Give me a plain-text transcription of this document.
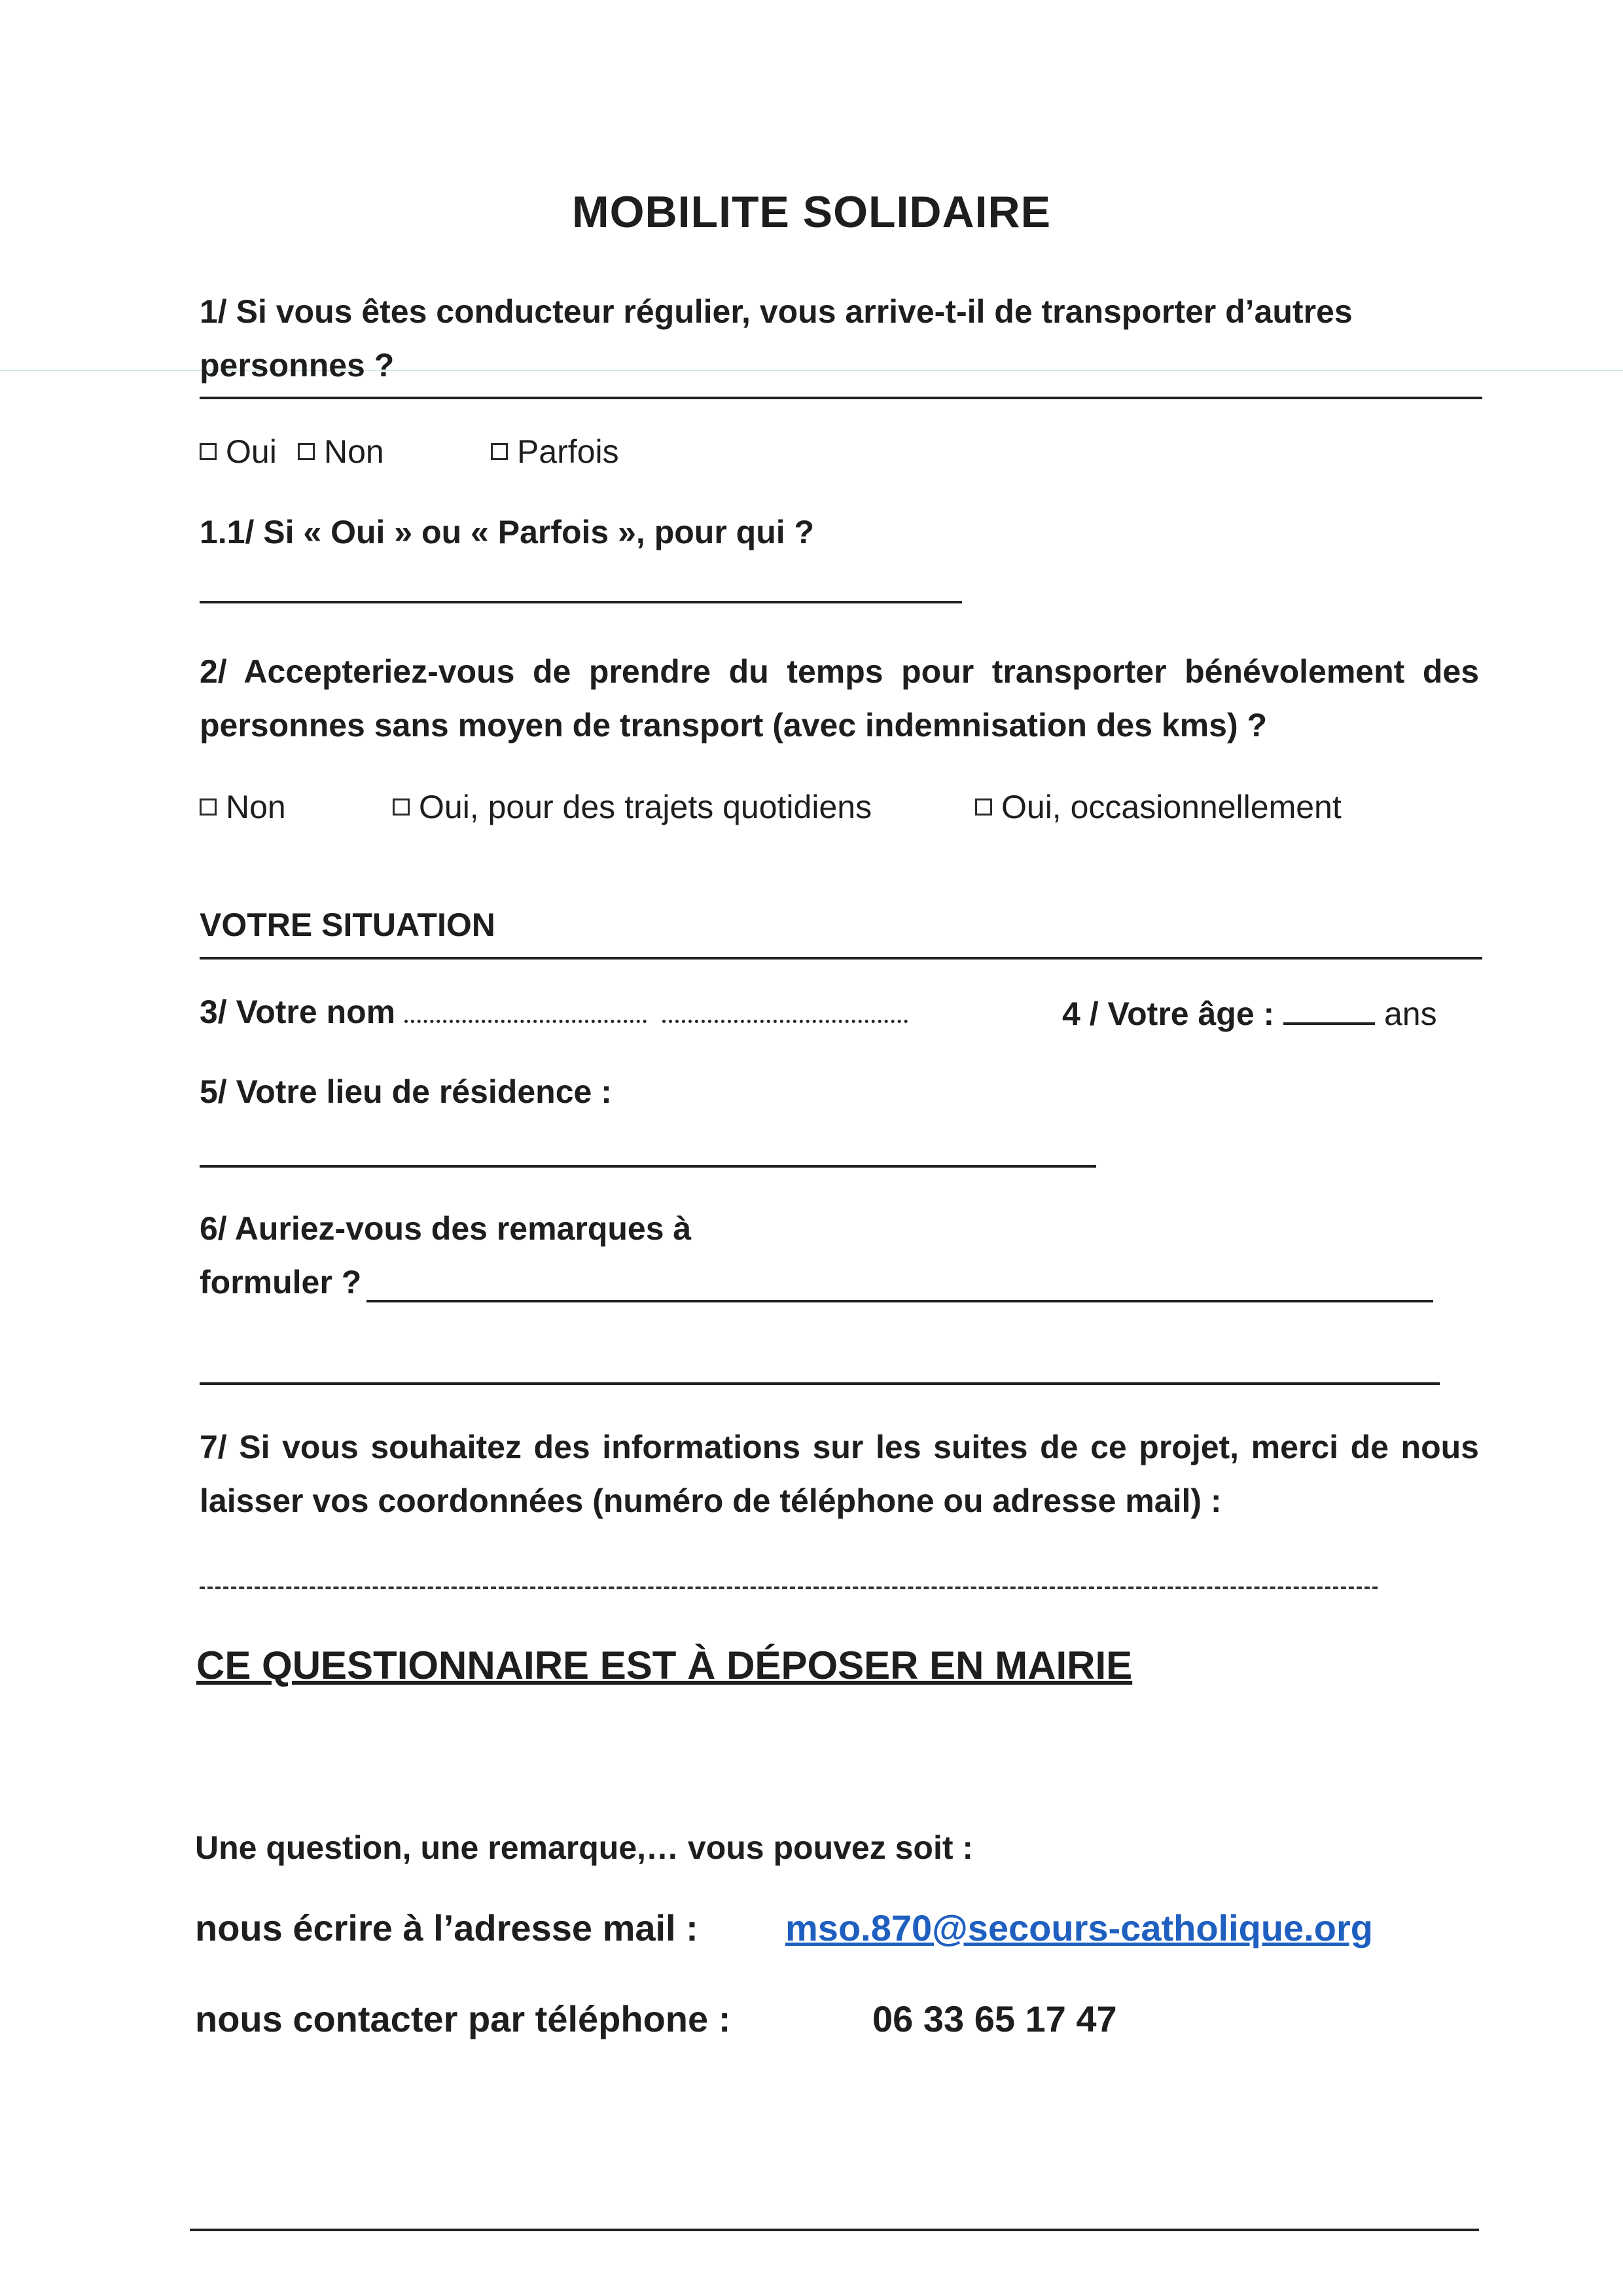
MOBILITE SOLIDAIRE
1/ Si vous êtes conducteur régulier, vous arrive-t-il de transporter d’autres
personnes ?
Oui	Non	Parfois
1.1/ Si « Oui » ou « Parfois », pour qui ?
2/ Accepteriez-vous de prendre du temps pour transporter bénévolement des
personnes sans moyen de transport (avec indemnisation des kms) ?
Non	Oui, pour des trajets quotidiens	Oui, occasionnellement
VOTRE SITUATION
3/ Votre nom	4 / Votre âge :	ans
5/ Votre lieu de résidence :
6/ Auriez-vous des remarques à
formuler ?
7/ Si vous souhaitez des informations sur les suites de ce projet, merci de nous
laisser vos coordonnées (numéro de téléphone ou adresse mail) :
CE QUESTIONNAIRE EST À DÉPOSER EN MAIRIE
Une question, une remarque,… vous pouvez soit :
nous écrire à l’adresse mail : mso.870@secours-catholique.org
nous contacter par téléphone :	06 33 65 17 47
